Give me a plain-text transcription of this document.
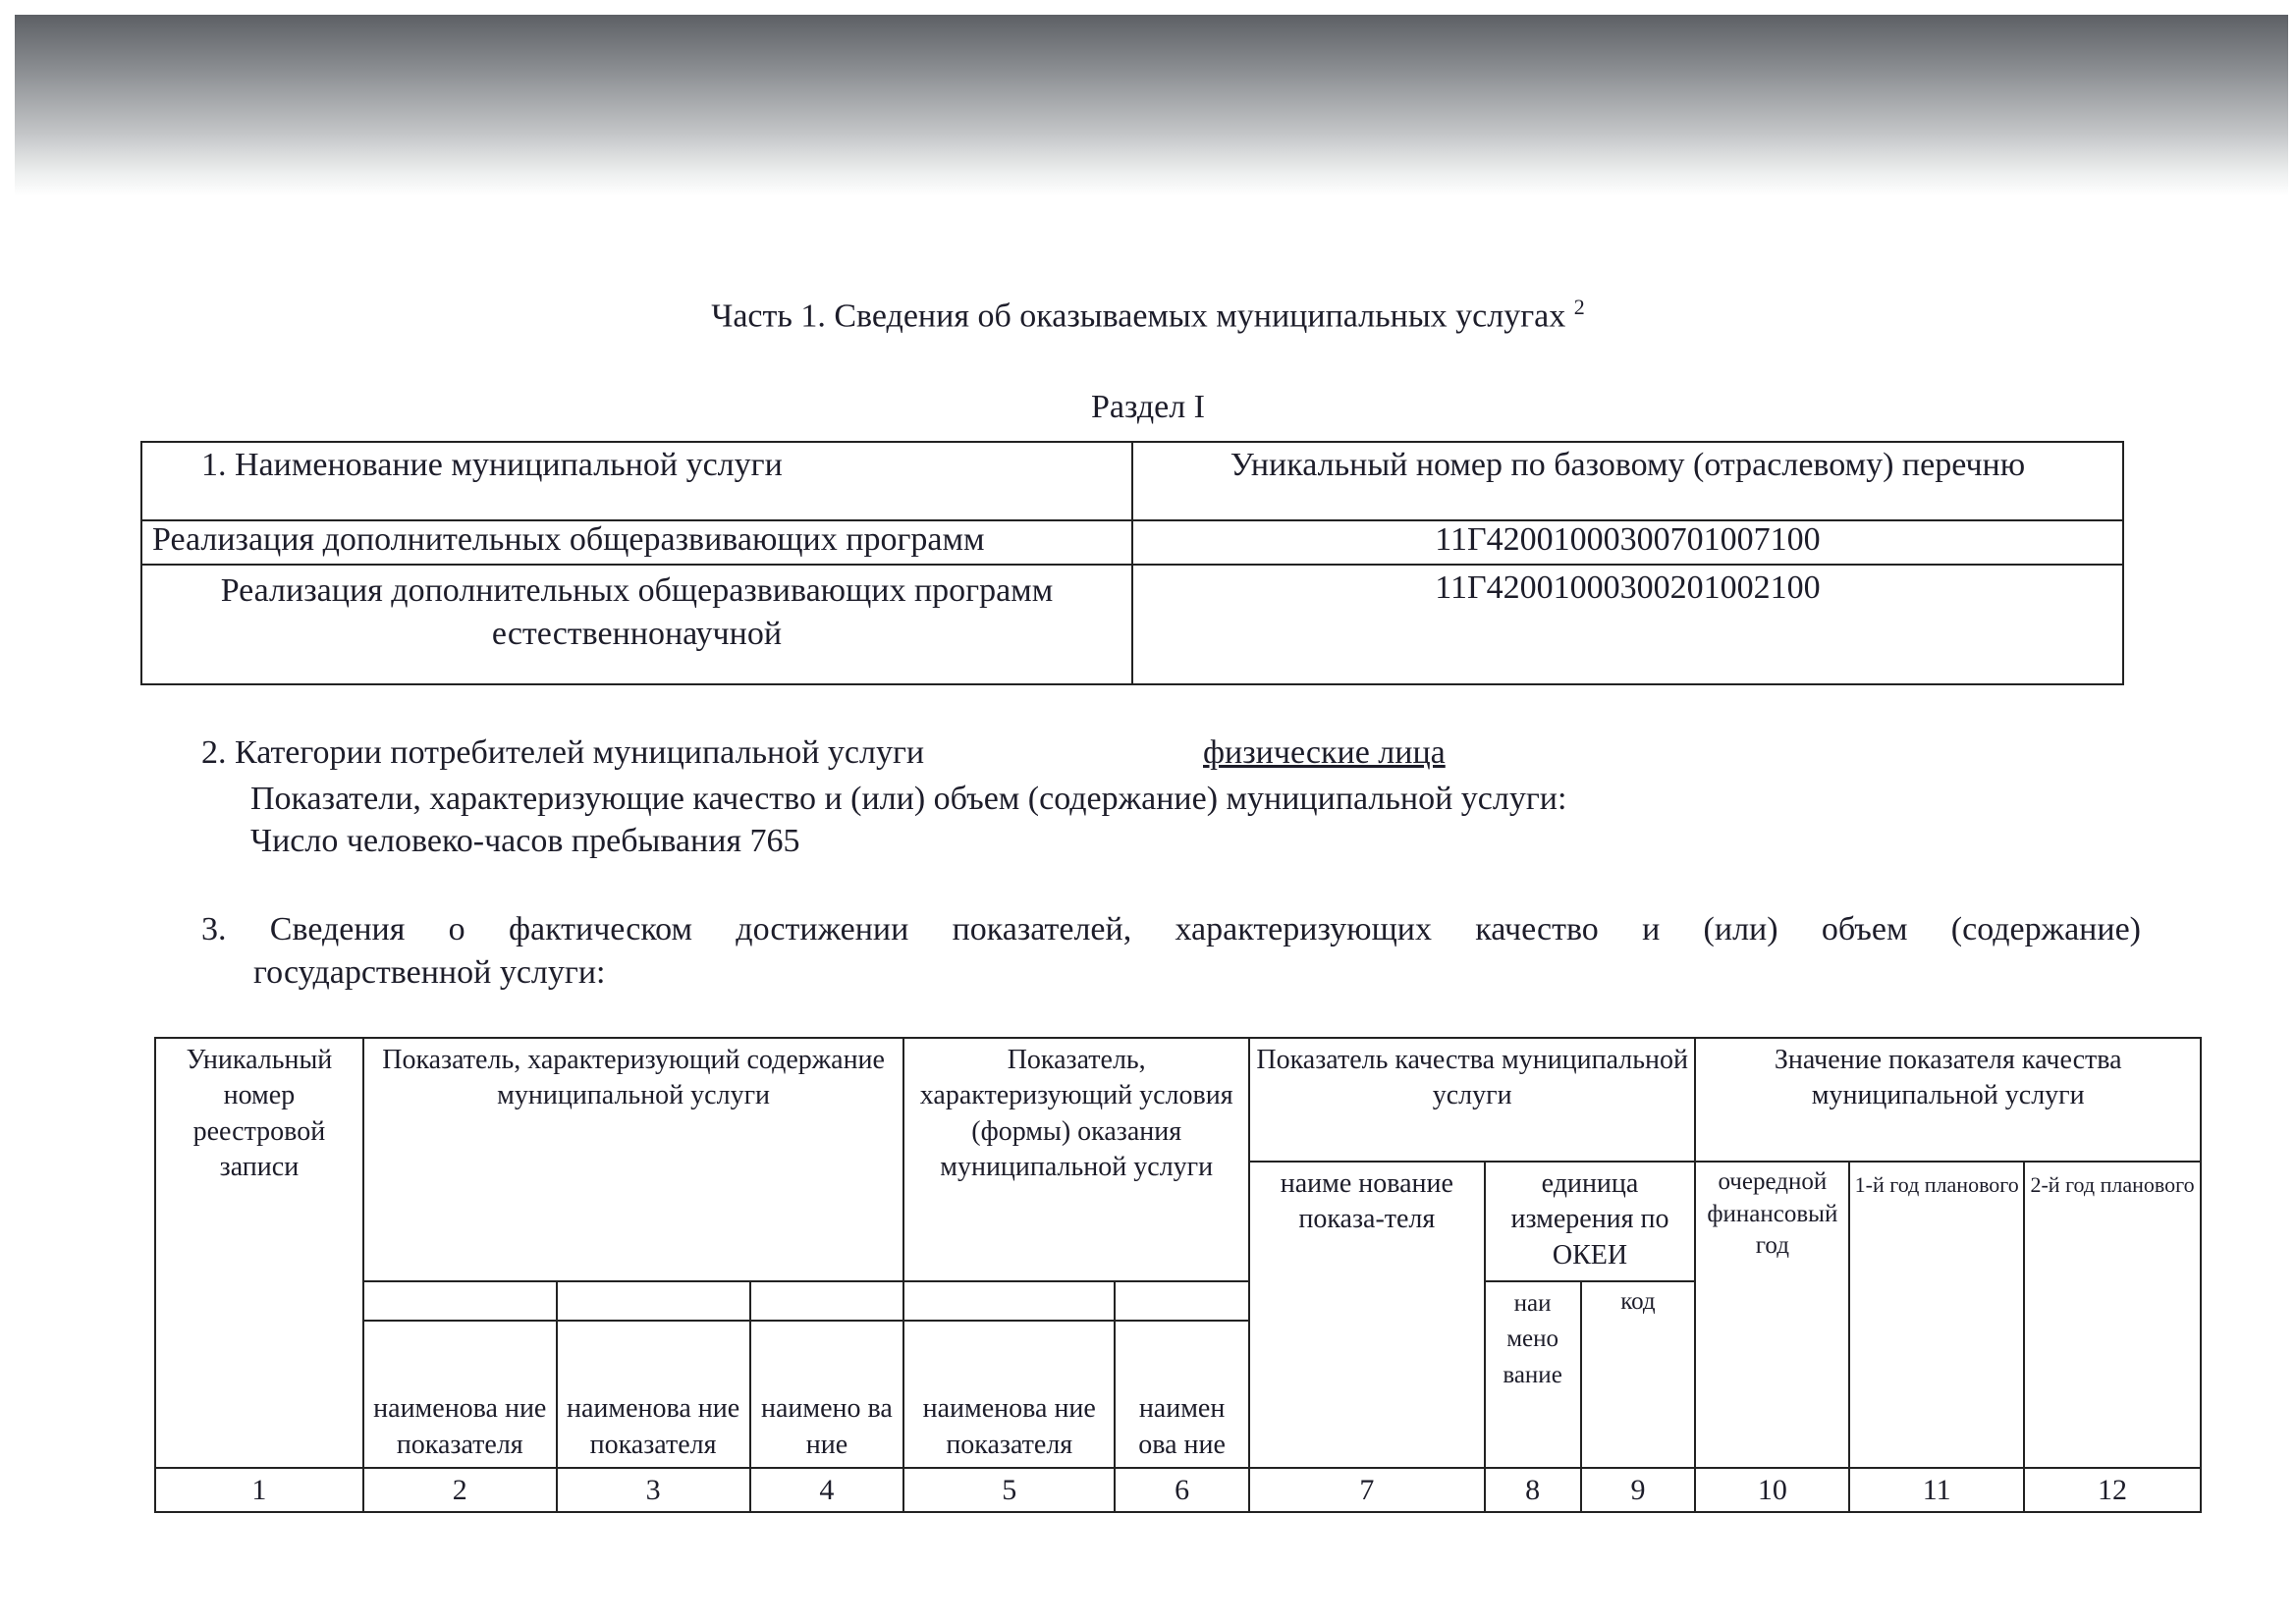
Часть 1. Сведения об оказываемых муниципальных услугах $^2$
Раздел I
1. Наименование муниципальной услуги	Уникальный номер по базовому (отраслевому) перечню
Реализация дополнительных общеразвивающих программ	11Г42001000300701007100
Реализация дополнительных общеразвивающих программ естественнонаучной	11Г42001000300201002100
2. Категории потребителей муниципальной услуги	физические лица
Показатели, характеризующие качество и (или) объем (содержание) муниципальной услуги:
Число человеко-часов пребывания 765
3. Сведения о фактическом достижении показателей, характеризующих качество и (или) объем (содержание)
государственной услуги:
Уникальный номер реестровой записи	Показатель, характеризующий содержание муниципальной услуги			Показатель, характеризующий условия (формы) оказания муниципальной услуги		Показатель качества муниципальной услуги			Значение показателя качества муниципальной услуги		
						наиме нование показа-теля	единица измерения по ОКЕИ		очередной финансовый год	1-й год планового	2-й год планового
							наи мено вание	код			
	наименова ние показателя	наименова ние показателя	наимено ва ние	наименова ние показателя	наимен ова ние						
1	2	3	4	5	6	7	8	9	10	11	12
